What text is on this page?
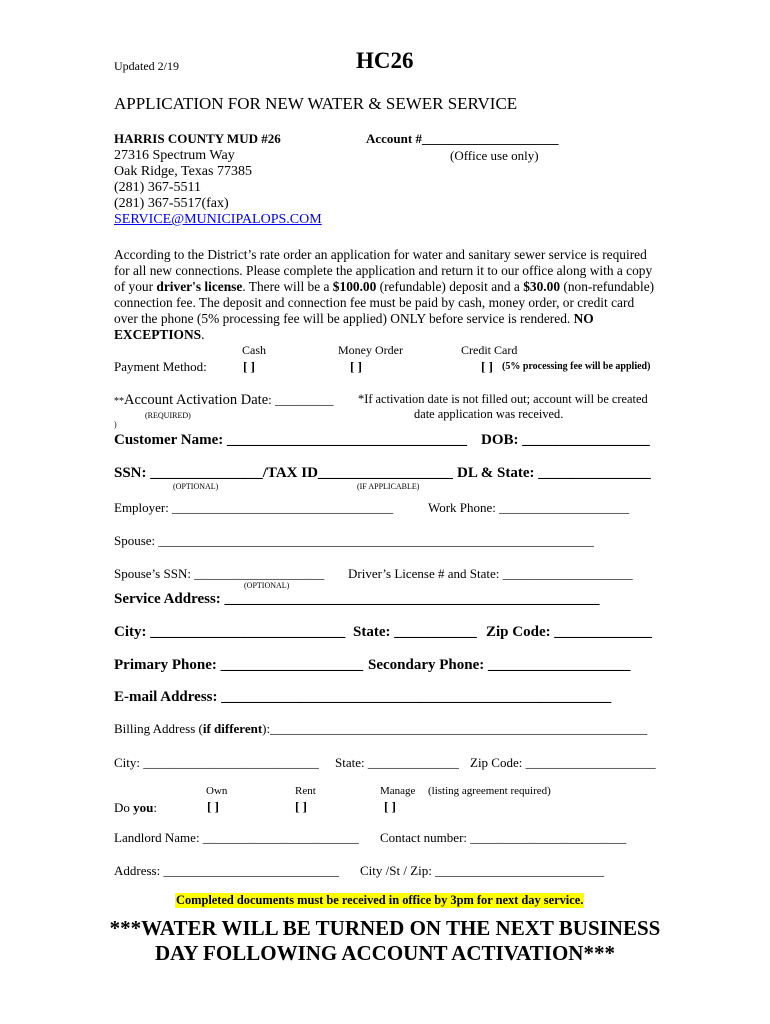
Updated 2/19	HC26
APPLICATION FOR NEW WATER & SEWER SERVICE
HARRIS COUNTY MUD #26	Account #_____________________
27316 Spectrum Way	(Office use only)
Oak Ridge, Texas 77385
(281) 367-5511
(281) 367-5517(fax)
SERVICE@MUNICIPALOPS.COM
According to the District’s rate order an application for water and sanitary sewer service is required for all new connections. Please complete the application and return it to our office along with a copy of your driver's license. There will be a $100.00 (refundable) deposit and a $30.00 (non-refundable) connection fee. The deposit and connection fee must be paid by cash, money order, or credit card over the phone (5% processing fee will be applied) ONLY before service is rendered. NO EXCEPTIONS.
Cash	Money Order	Credit Card
Payment Method:	[ ]	[ ]	[ ] (5% processing fee will be applied)
**Account Activation Date: _________ *If activation date is not filled out; account will be created
(REQUIRED)	date application was received.
)
Customer Name: ________________________________ DOB: _________________
SSN: _______________/TAX ID__________________ DL & State: _______________
(OPTIONAL)	(IF APPLICABLE)
Employer: __________________________________	Work Phone: ____________________
Spouse: ___________________________________________________________________
Spouse’s SSN: ____________________ Driver’s License # and State: ____________________
(OPTIONAL)
Service Address: __________________________________________________
City: __________________________ State: ___________ Zip Code: _____________
Primary Phone: ___________________ Secondary Phone: ___________________
E-mail Address: ____________________________________________________
Billing Address (if different):__________________________________________________________
City: ___________________________ State: ______________ Zip Code: ____________________
Own	Rent	Manage (listing agreement required)
Do you:	[ ]	[ ]	[ ]
Landlord Name: ________________________ Contact number: ________________________
Address: ___________________________ City /St / Zip: __________________________
Completed documents must be received in office by 3pm for next day service.
***WATER WILL BE TURNED ON THE NEXT BUSINESS
DAY FOLLOWING ACCOUNT ACTIVATION***
